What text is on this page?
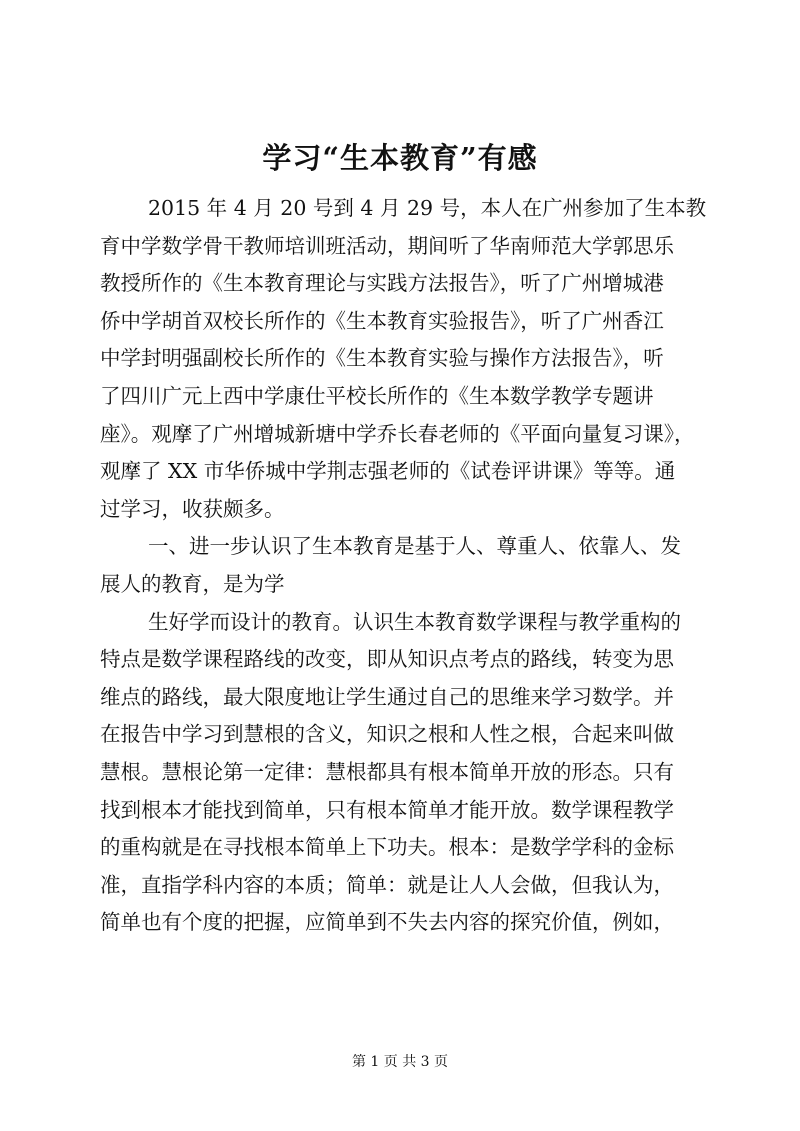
学习“生本教育”有感
2015 年 4 月 20 号到 4 月 29 号，本人在广州参加了生本教
育中学数学骨干教师培训班活动，期间听了华南师范大学郭思乐
教授所作的《生本教育理论与实践方法报告》，听了广州增城港
侨中学胡首双校长所作的《生本教育实验报告》，听了广州香江
中学封明强副校长所作的《生本教育实验与操作方法报告》，听
了四川广元上西中学康仕平校长所作的《生本数学教学专题讲
座》。观摩了广州增城新塘中学乔长春老师的《平面向量复习课》，
观摩了 XX 市华侨城中学荆志强老师的《试卷评讲课》等等。通
过学习，收获颇多。
一、进一步认识了生本教育是基于人、尊重人、依靠人、发
展人的教育，是为学
生好学而设计的教育。认识生本教育数学课程与教学重构的
特点是数学课程路线的改变，即从知识点考点的路线，转变为思
维点的路线，最大限度地让学生通过自己的思维来学习数学。并
在报告中学习到慧根的含义，知识之根和人性之根，合起来叫做
慧根。慧根论第一定律：慧根都具有根本简单开放的形态。只有
找到根本才能找到简单，只有根本简单才能开放。数学课程教学
的重构就是在寻找根本简单上下功夫。根本：是数学学科的金标
准，直指学科内容的本质；简单：就是让人人会做，但我认为，
简单也有个度的把握，应简单到不失去内容的探究价值，例如，
第 1 页 共 3 页
